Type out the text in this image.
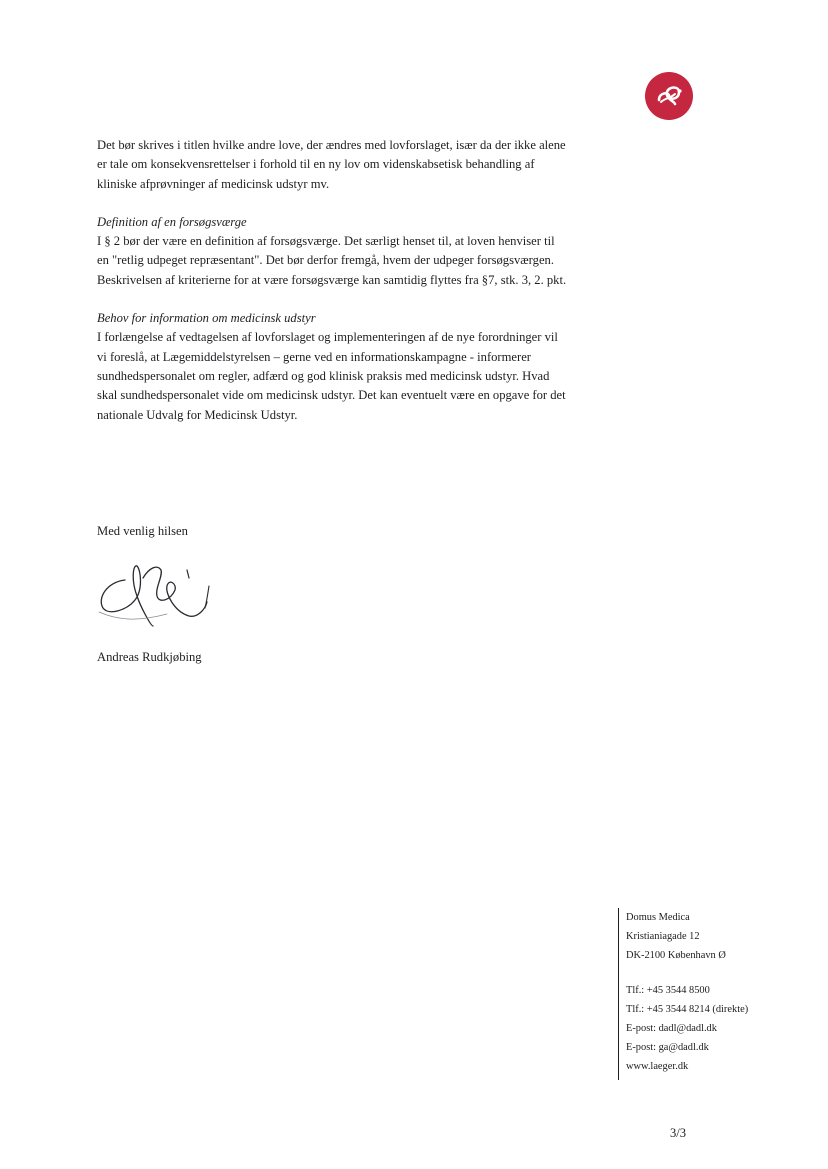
Det bør skrives i titlen hvilke andre love, der ændres med lovforslaget, især da der ikke alene er tale om konsekvensrettelser i forhold til en ny lov om videnskabsetisk behandling af kliniske afprøvninger af medicinsk udstyr mv.

Definition af en forsøgsværge

I § 2 bør der være en definition af forsøgsværge. Det særligt henset til, at loven henviser til en "retlig udpeget repræsentant". Det bør derfor fremgå, hvem der udpeger forsøgsværgen. Beskrivelsen af kriterierne for at være forsøgsværge kan samtidig flyttes fra §7, stk. 3, 2. pkt.

Behov for information om medicinsk udstyr

I forlængelse af vedtagelsen af lovforslaget og implementeringen af de nye forordninger vil vi foreslå, at Lægemiddelstyrelsen – gerne ved en informationskampagne - informerer sundhedspersonalet om regler, adfærd og god klinisk praksis med medicinsk udstyr. Hvad skal sundhedspersonalet vide om medicinsk udstyr. Det kan eventuelt være en opgave for det nationale Udvalg for Medicinsk Udstyr.

Med venlig hilsen
Andreas Rudkjøbing
Domus Medica
Kristianiagade 12
DK-2100 København Ø
Tlf.: +45 3544 8500
Tlf.: +45 3544 8214 (direkte)
E-post: dadl@dadl.dk
E-post: ga@dadl.dk
www.laeger.dk
3/3
